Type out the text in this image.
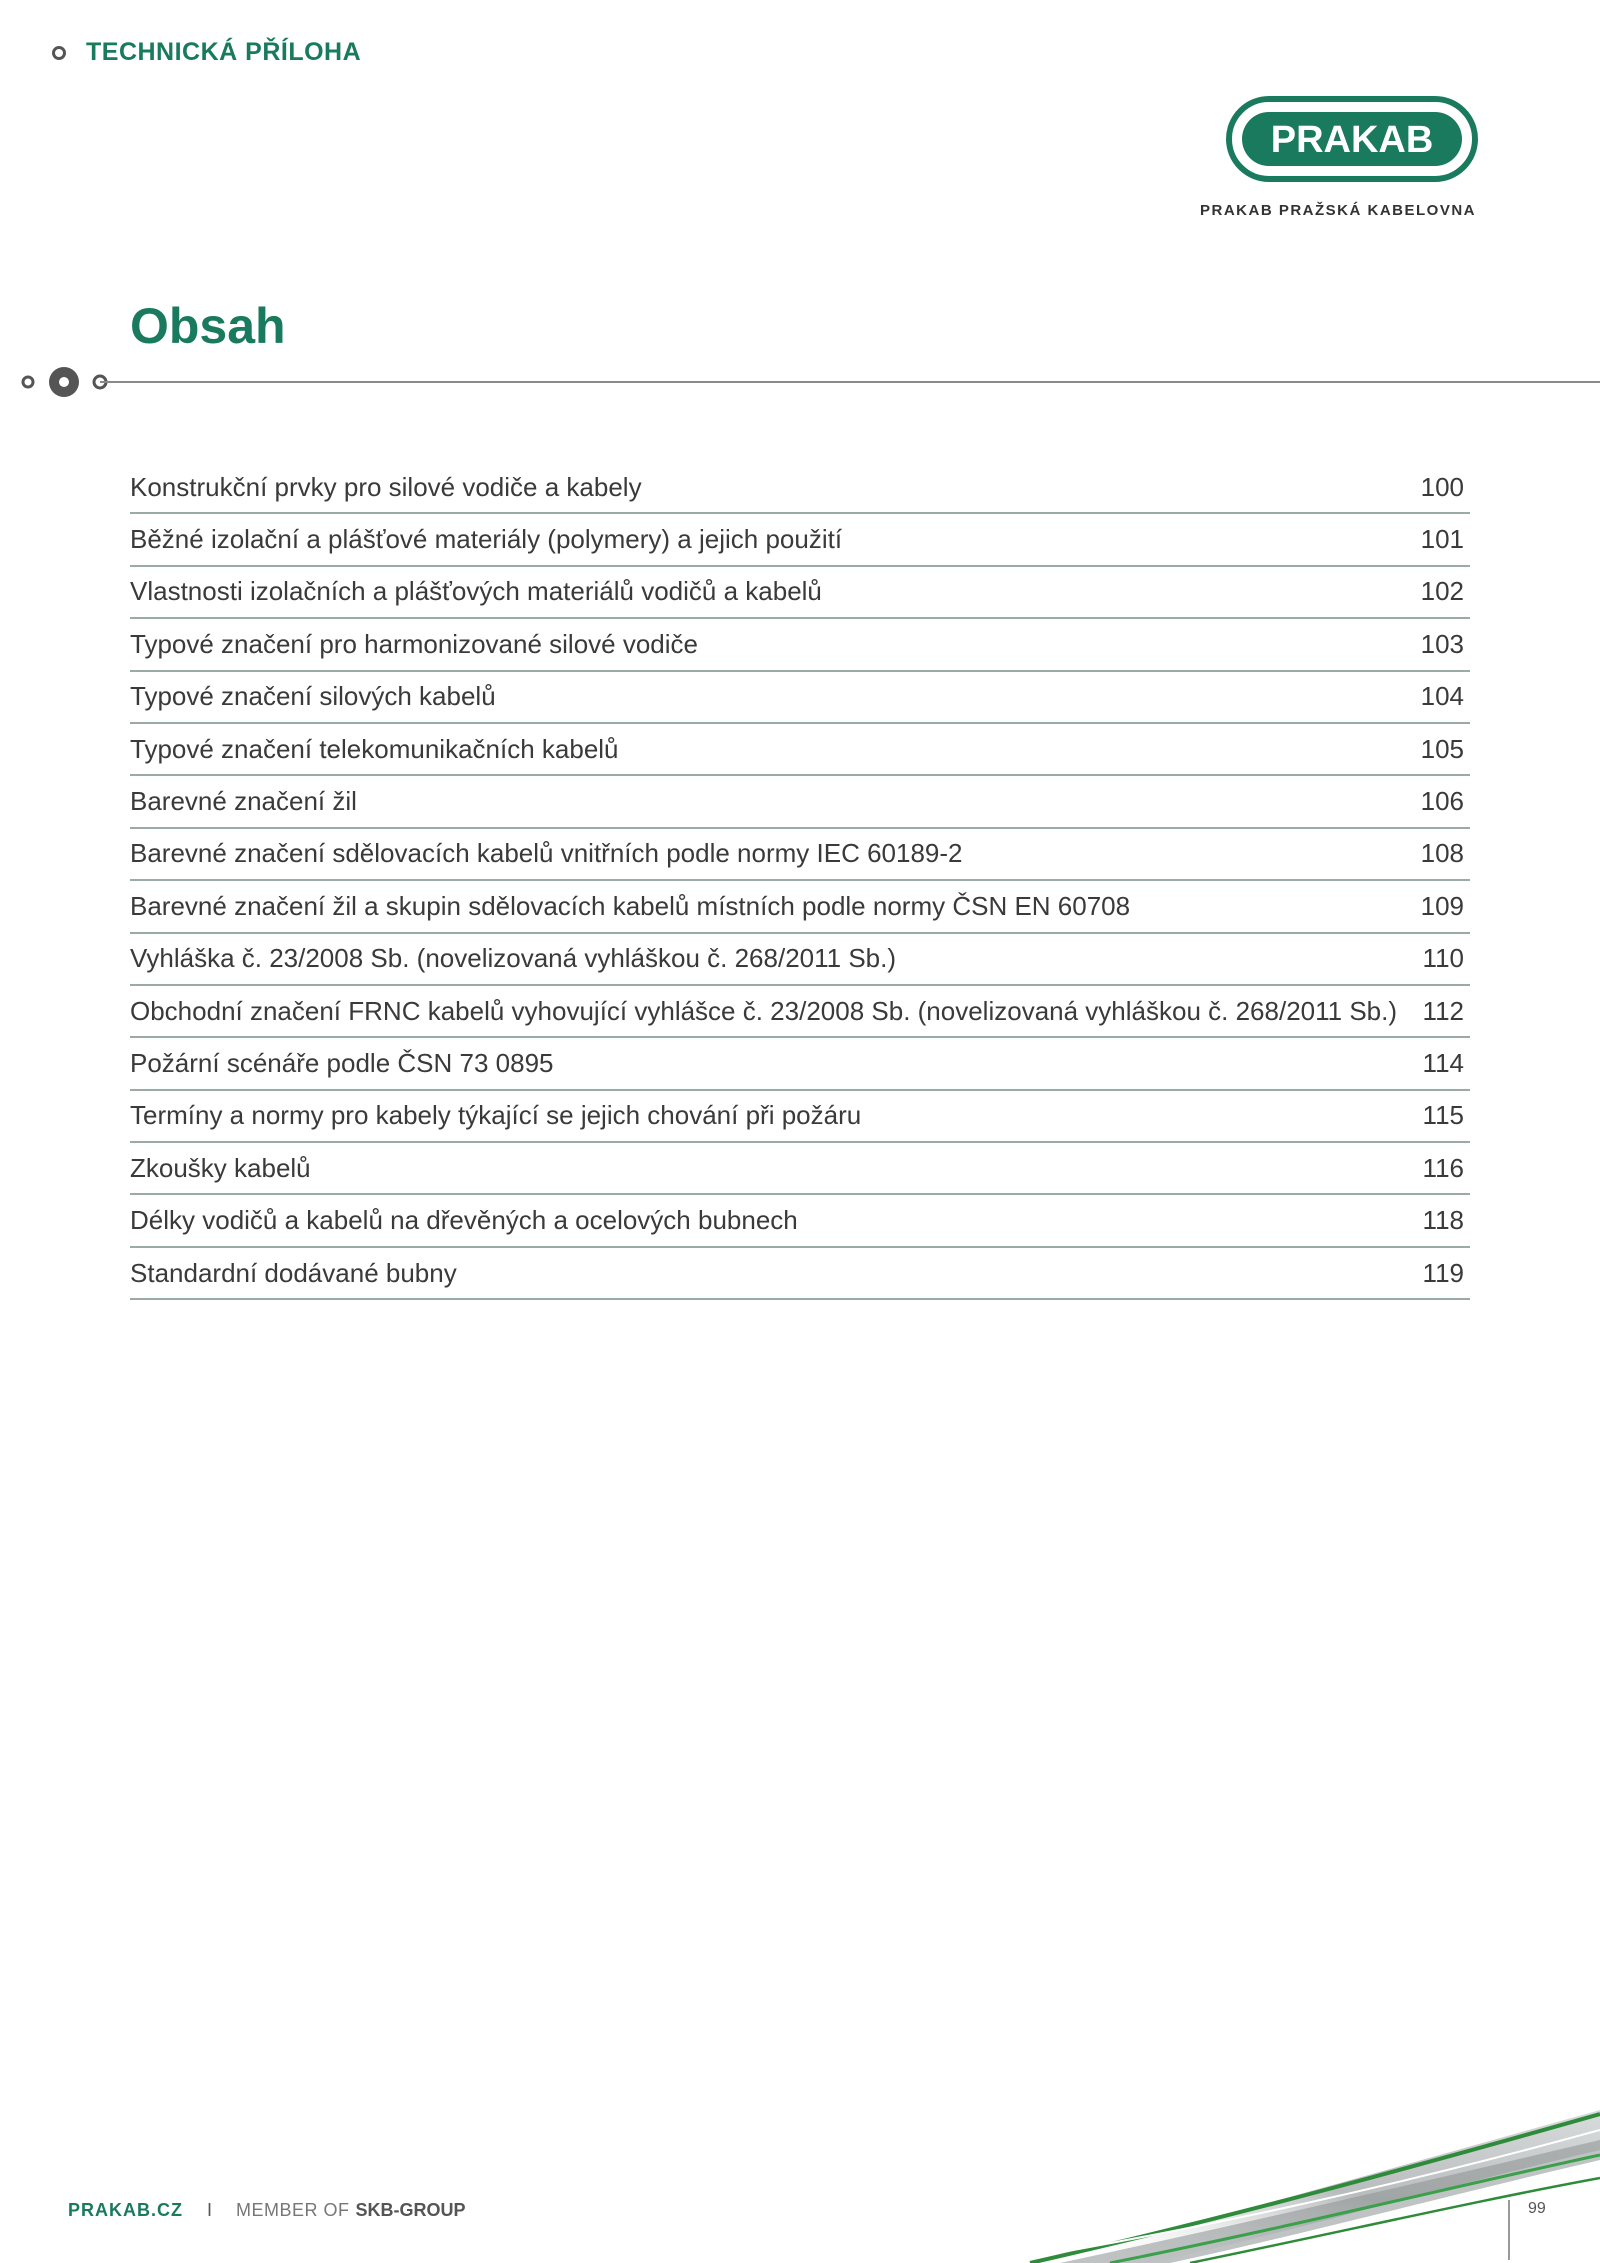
TECHNICKÁ PŘÍLOHA
PRAKAB
PRAKAB PRAŽSKÁ KABELOVNA
Obsah
Konstrukční prvky pro silové vodiče a kabely	100
Běžné izolační a plášťové materiály (polymery) a jejich použití	101
Vlastnosti izolačních a plášťových materiálů vodičů a kabelů	102
Typové značení pro harmonizované silové vodiče	103
Typové značení silových kabelů	104
Typové značení telekomunikačních kabelů	105
Barevné značení žil	106
Barevné značení sdělovacích kabelů vnitřních podle normy IEC 60189-2	108
Barevné značení žil a skupin sdělovacích kabelů místních podle normy ČSN EN 60708	109
Vyhláška č. 23/2008 Sb. (novelizovaná vyhláškou č. 268/2011 Sb.)	110
Obchodní značení FRNC kabelů vyhovující vyhlášce č. 23/2008 Sb. (novelizovaná vyhláškou č. 268/2011 Sb.) 112
Požární scénáře podle ČSN 73 0895	114
Termíny a normy pro kabely týkající se jejich chování při požáru	115
Zkoušky kabelů	116
Délky vodičů a kabelů na dřevěných a ocelových bubnech	118
Standardní dodávané bubny	119
PRAKAB.CZ I MEMBER OF SKB-GROUP	99
